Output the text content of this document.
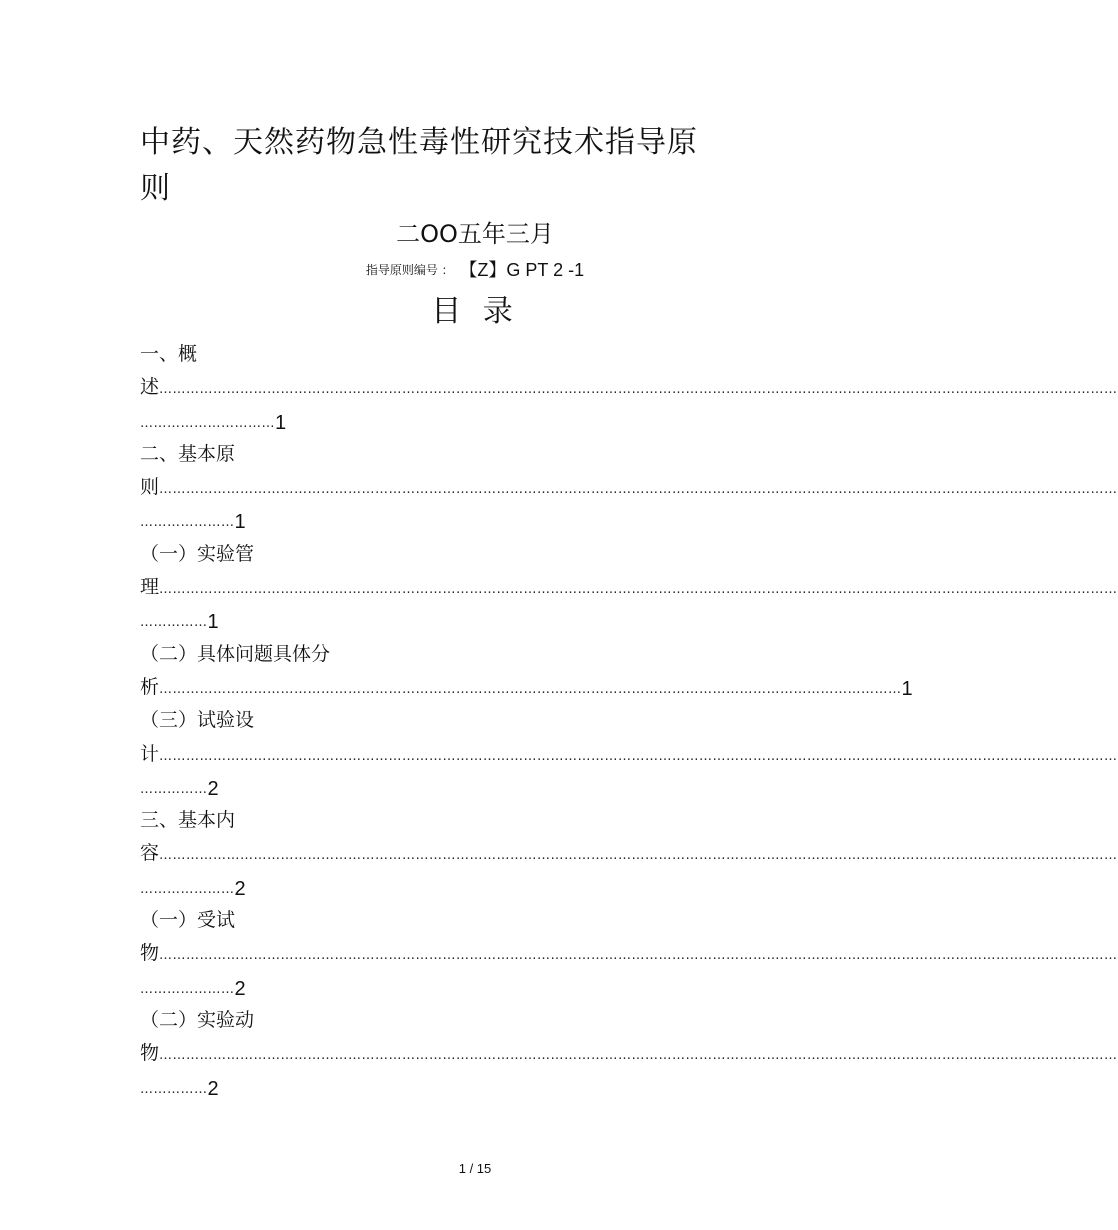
中药、天然药物急性毒性研究技术指导原
则
二OO五年三月
指导原则编号 ： 【Z】G PT 2 -1
目 录
一、概
述……………………………………………………………………………………………………………………………………………………………………………………………
…………………………1
二、基本原
则……………………………………………………………………………………………………………………………………………………………………………………………
…………………1
（一）实验管
理……………………………………………………………………………………………………………………………………………………………………………………………
……………1
（二）具体问题具体分
析…………………………………………………………………………………………………………………………………………………1
（三）试验设
计……………………………………………………………………………………………………………………………………………………………………………………………
……………2
三、基本内
容……………………………………………………………………………………………………………………………………………………………………………………………
…………………2
（一）受试
物……………………………………………………………………………………………………………………………………………………………………………………………
…………………2
（二）实验动
物……………………………………………………………………………………………………………………………………………………………………………………………
……………2
1 / 15
